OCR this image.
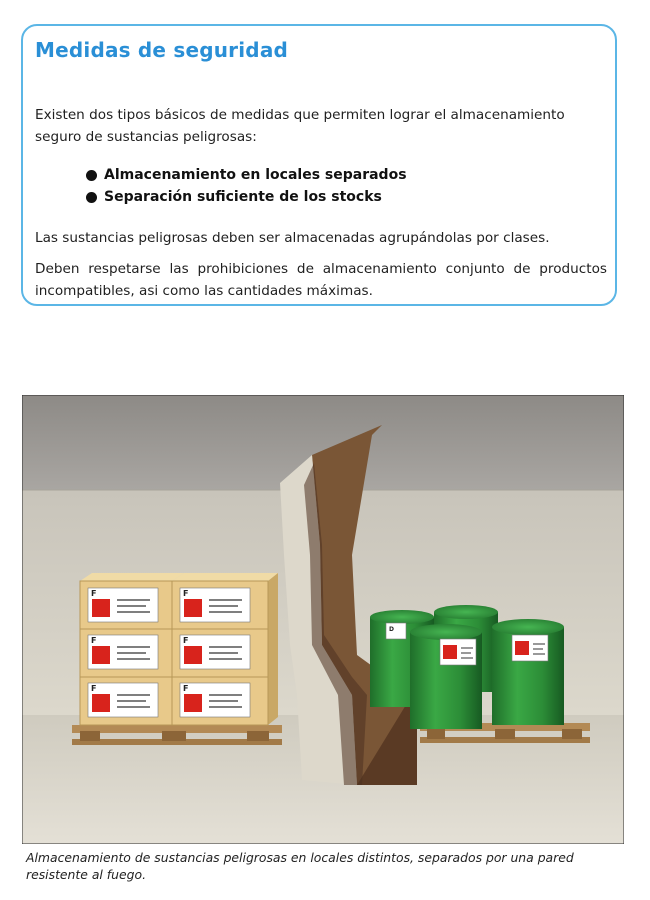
Medidas de seguridad

Existen dos tipos básicos de medidas que permiten lograr el almacenamiento seguro de sustancias peligrosas:

Almacenamiento en locales separados
Separación suficiente de los stocks

Las sustancias peligrosas deben ser almacenadas agrupándolas por clases.

Deben respetarse las prohibiciones de almacenamiento conjunto de productos incompatibles, asi como las cantidades máximas.

F	F
F	F
F	F
D

Almacenamiento de sustancias peligrosas en locales distintos, separados por una pared resistente al fuego.
